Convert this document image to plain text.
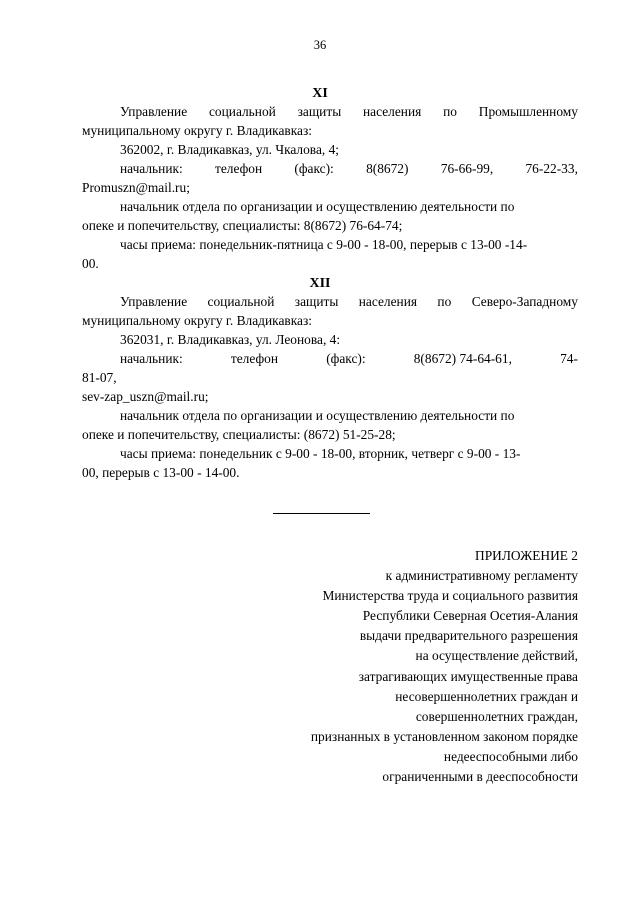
36
XI
Управление социальной защиты населения по Промышленному
муниципальному округу г. Владикавказ:
362002, г. Владикавказ, ул. Чкалова, 4;
начальник: телефон (факс): 8(8672) 76-66-99, 76-22-33,
Promuszn@mail.ru;
начальник отдела по организации и осуществлению деятельности по
опеке и попечительству, специалисты: 8(8672) 76-64-74;
часы приема: понедельник-пятница с 9-00 - 18-00, перерыв с 13-00 -14-
00.
XII
Управление социальной защиты населения по Северо-Западному
муниципальному округу г. Владикавказ:
362031, г. Владикавказ, ул. Леонова, 4:
начальник:	телефон	(факс):	8(8672) 74-64-61,	74-
81-07,
sev-zap_uszn@mail.ru;
начальник отдела по организации и осуществлению деятельности по
опеке и попечительству, специалисты: (8672) 51-25-28;
часы приема: понедельник с 9-00 - 18-00, вторник, четверг с 9-00 - 13-
00, перерыв с 13-00 - 14-00.
ПРИЛОЖЕНИЕ 2
к административному регламенту
Министерства труда и социального развития
Республики Северная Осетия-Алания
выдачи предварительного разрешения
на осуществление действий,
затрагивающих имущественные права
несовершеннолетних граждан и
совершеннолетних граждан,
признанных в установленном законом порядке
недееспособными либо
ограниченными в дееспособности
